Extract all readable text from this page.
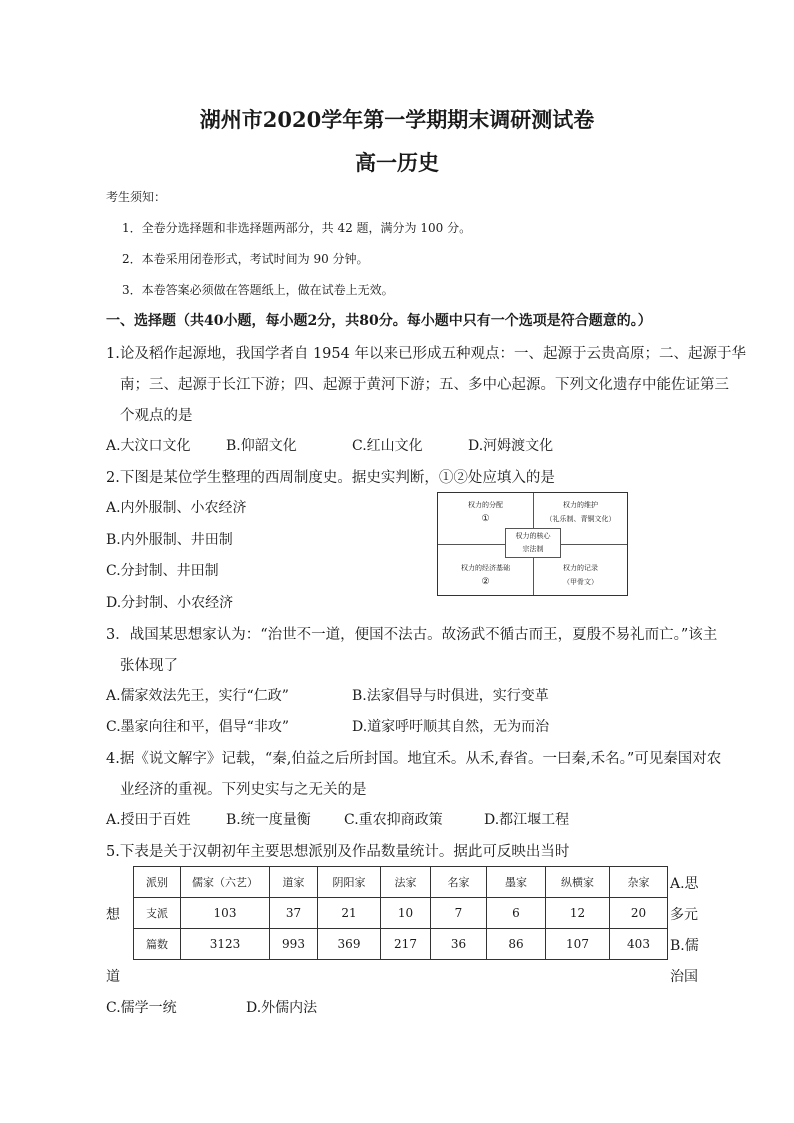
湖州市2020学年第一学期期末调研测试卷
高一历史
考生须知：
1．全卷分选择题和非选择题两部分，共 42 题，满分为 100 分。
2．本卷采用闭卷形式，考试时间为 90 分钟。
3．本卷答案必须做在答题纸上，做在试卷上无效。
一、选择题（共40小题，每小题2分，共80分。每小题中只有一个选项是符合题意的。）
1.论及稻作起源地，我国学者自 1954 年以来已形成五种观点：一、起源于云贵高原；二、起源于华
南；三、起源于长江下游；四、起源于黄河下游；五、多中心起源。下列文化遗存中能佐证第三
个观点的是
A.大汶口文化	B.仰韶文化	C.红山文化	D.河姆渡文化
2.下图是某位学生整理的西周制度史。据史实判断，①②处应填入的是
A.内外服制、小农经济
B.内外服制、井田制
C.分封制、井田制
D.分封制、小农经济
权力的分配
①
权力的维护
（礼乐制、青铜文化）
权力的经济基础
②
权力的记录
（甲骨文）
权力的核心
宗法制
3．战国某思想家认为：“治世不一道，便国不法古。故汤武不循古而王，夏殷不易礼而亡。”该主
张体现了
A.儒家效法先王，实行“仁政”	B.法家倡导与时俱进，实行变革
C.墨家向往和平，倡导“非攻”	D.道家呼吁顺其自然，无为而治
4.据《说文解字》记载，“秦,伯益之后所封国。地宜禾。从禾,舂省。一曰秦,禾名。”可见秦国对农
业经济的重视。下列史实与之无关的是
A.授田于百姓	B.统一度量衡 C.重农抑商政策	D.都江堰工程
5.下表是关于汉朝初年主要思想派别及作品数量统计。据此可反映出当时
派别	儒家（六艺）	道家	阴阳家	法家	名家	墨家	纵横家	杂家
支派	103	37	21	10	7	6	12	20
篇数	3123	993	369	217	36	86	107	403
想
道
A.思
多元
B.儒
治国
C.儒学一统	D.外儒内法
